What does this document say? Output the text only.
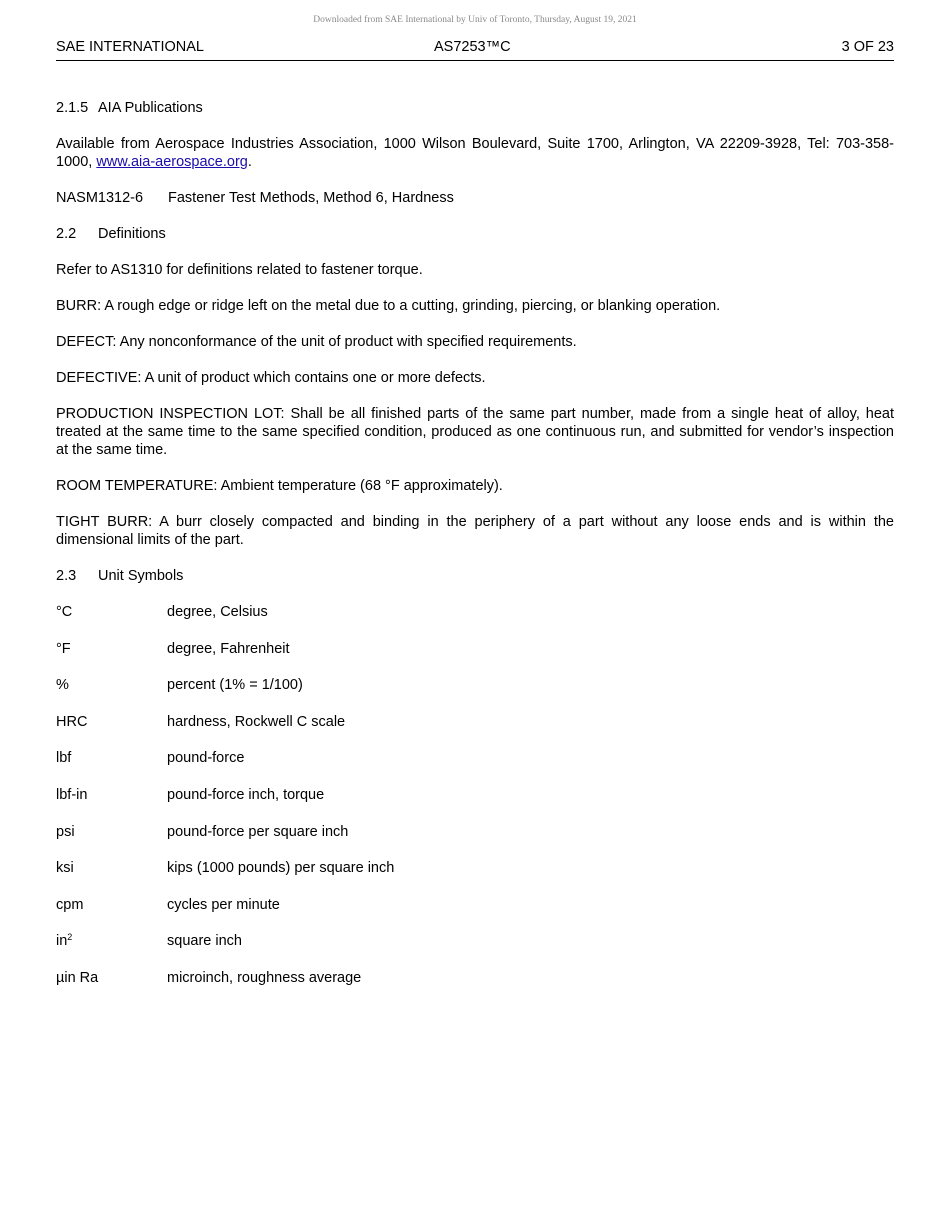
Downloaded from SAE International by Univ of Toronto, Thursday, August 19, 2021
SAE INTERNATIONAL	AS7253™C	3 OF 23

2.1.5 AIA Publications

Available from Aerospace Industries Association, 1000 Wilson Boulevard, Suite 1700, Arlington, VA 22209-3928, Tel: 703-358-1000, www.aia-aerospace.org.

NASM1312-6 Fastener Test Methods, Method 6, Hardness

2.2 Definitions

Refer to AS1310 for definitions related to fastener torque.

BURR: A rough edge or ridge left on the metal due to a cutting, grinding, piercing, or blanking operation.

DEFECT: Any nonconformance of the unit of product with specified requirements.

DEFECTIVE: A unit of product which contains one or more defects.

PRODUCTION INSPECTION LOT: Shall be all finished parts of the same part number, made from a single heat of alloy, heat treated at the same time to the same specified condition, produced as one continuous run, and submitted for vendor’s inspection at the same time.

ROOM TEMPERATURE: Ambient temperature (68 °F approximately).

TIGHT BURR: A burr closely compacted and binding in the periphery of a part without any loose ends and is within the dimensional limits of the part.

2.3 Unit Symbols

°C	degree, Celsius
°F	degree, Fahrenheit
%	percent (1% = 1/100)
HRC	hardness, Rockwell C scale
lbf	pound-force
lbf-in	pound-force inch, torque
psi	pound-force per square inch
ksi	kips (1000 pounds) per square inch
cpm	cycles per minute
$in^2$	square inch
µin Ra	microinch, roughness average
